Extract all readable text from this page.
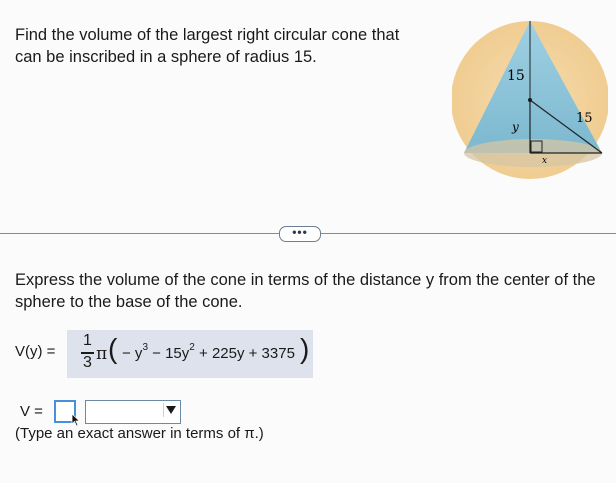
Find the volume of the largest right circular cone that can be inscribed in a sphere of radius 15.
15
15
y
x
•••
Express the volume of the cone in terms of the distance y from the center of the sphere to the base of the cone.
V(y) =
1
3 π ( − $y^3 - 15y^2 + 225y + 3375$ )
V =
(Type an exact answer in terms of π.)
